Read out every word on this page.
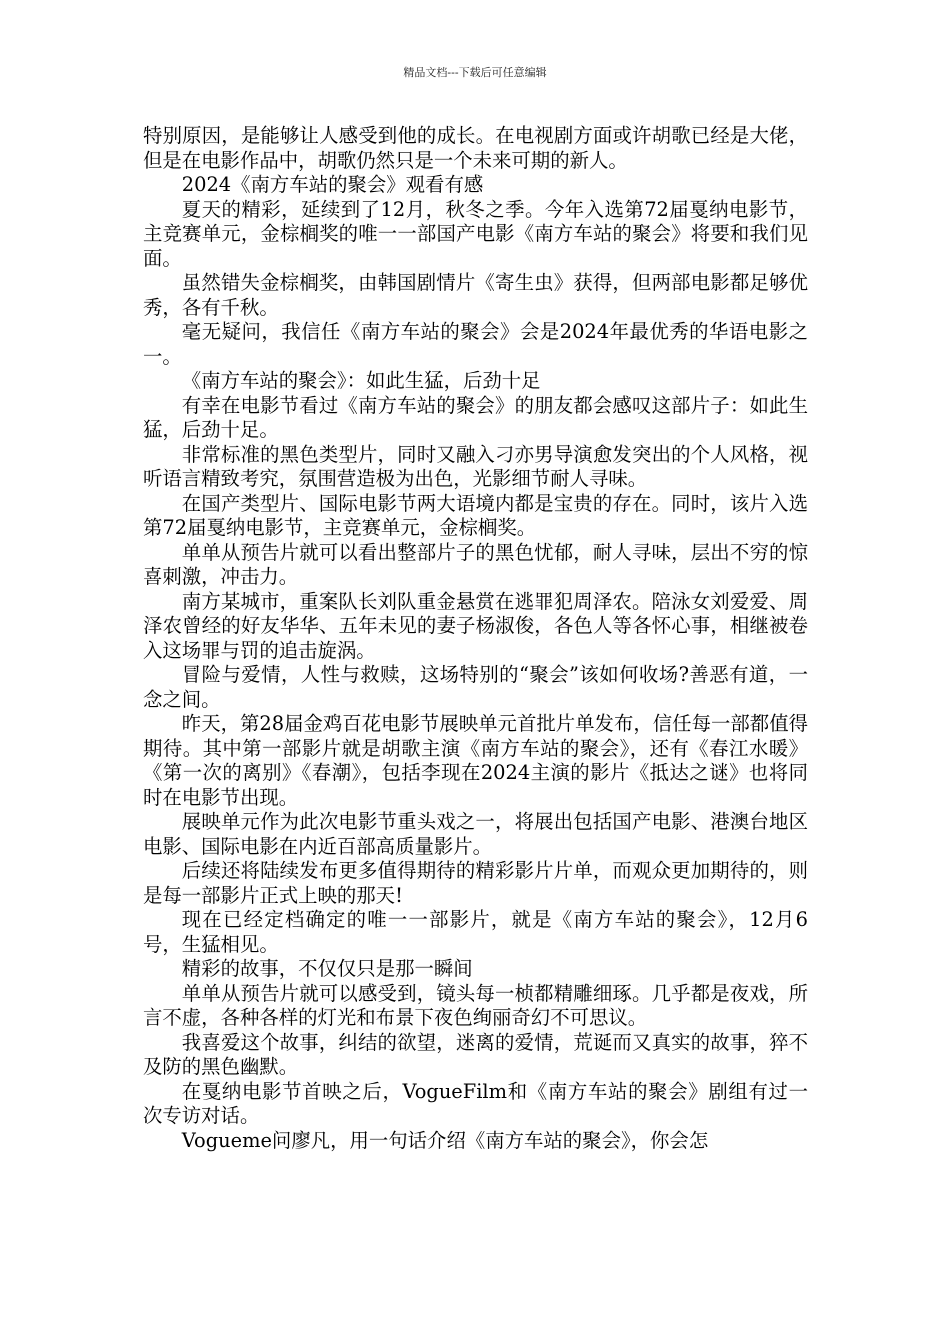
精品文档---下载后可任意编辑

特别原因，是能够让人感受到他的成长。在电视剧方面或许胡歌已经是大佬，但是在电影作品中，胡歌仍然只是一个未来可期的新人。

2024《南方车站的聚会》观看有感

夏天的精彩，延续到了12月，秋冬之季。今年入选第72届戛纳电影节，主竞赛单元，金棕榈奖的唯一一部国产电影《南方车站的聚会》将要和我们见面。

虽然错失金棕榈奖，由韩国剧情片《寄生虫》获得，但两部电影都足够优秀，各有千秋。

毫无疑问，我信任《南方车站的聚会》会是2024年最优秀的华语电影之一。

《南方车站的聚会》：如此生猛，后劲十足

有幸在电影节看过《南方车站的聚会》的朋友都会感叹这部片子：如此生猛，后劲十足。

非常标准的黑色类型片，同时又融入刁亦男导演愈发突出的个人风格，视听语言精致考究，氛围营造极为出色，光影细节耐人寻味。

在国产类型片、国际电影节两大语境内都是宝贵的存在。同时，该片入选第72届戛纳电影节，主竞赛单元，金棕榈奖。

单单从预告片就可以看出整部片子的黑色忧郁，耐人寻味，层出不穷的惊喜刺激，冲击力。

南方某城市，重案队长刘队重金悬赏在逃罪犯周泽农。陪泳女刘爱爱、周泽农曾经的好友华华、五年未见的妻子杨淑俊，各色人等各怀心事，相继被卷入这场罪与罚的追击旋涡。

冒险与爱情，人性与救赎，这场特别的“聚会”该如何收场?善恶有道，一念之间。

昨天，第28届金鸡百花电影节展映单元首批片单发布，信任每一部都值得期待。其中第一部影片就是胡歌主演《南方车站的聚会》，还有《春江水暖》《第一次的离别》《春潮》，包括李现在2024主演的影片《抵达之谜》也将同时在电影节出现。

展映单元作为此次电影节重头戏之一，将展出包括国产电影、港澳台地区电影、国际电影在内近百部高质量影片。

后续还将陆续发布更多值得期待的精彩影片片单，而观众更加期待的，则是每一部影片正式上映的那天!

现在已经定档确定的唯一一部影片，就是《南方车站的聚会》，12月6号，生猛相见。

精彩的故事，不仅仅只是那一瞬间

单单从预告片就可以感受到，镜头每一桢都精雕细琢。几乎都是夜戏，所言不虚，各种各样的灯光和布景下夜色绚丽奇幻不可思议。

我喜爱这个故事，纠结的欲望，迷离的爱情，荒诞而又真实的故事，猝不及防的黑色幽默。

在戛纳电影节首映之后，VogueFilm和《南方车站的聚会》剧组有过一次专访对话。

Vogueme问廖凡，用一句话介绍《南方车站的聚会》，你会怎
